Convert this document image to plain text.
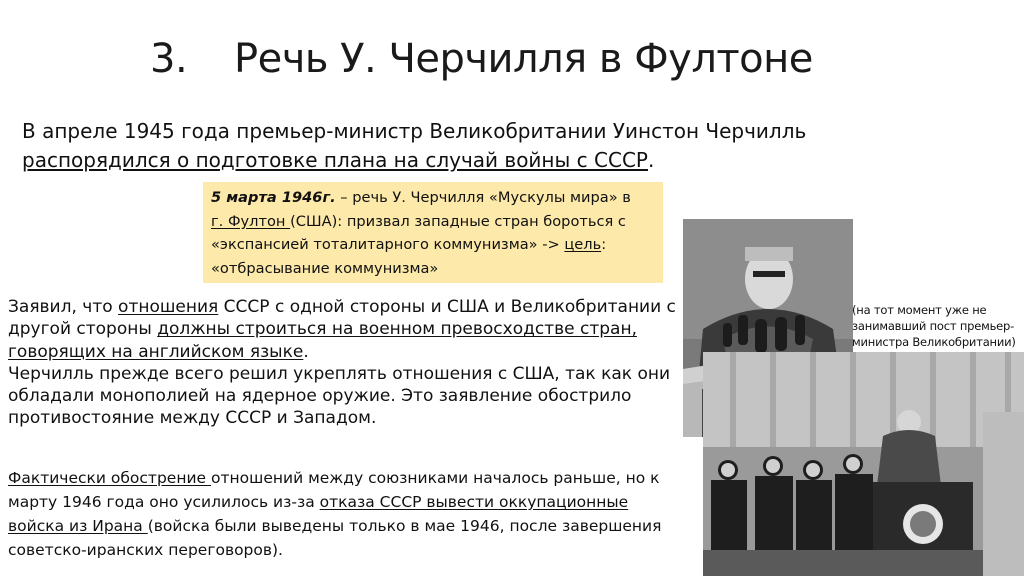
3. Речь У. Черчилля в Фултоне
В апреле 1945 года премьер-министр Великобритании Уинстон Черчилль
распорядился о подготовке плана на случай войны с СССР.
5 марта 1946г. – речь У. Черчилля «Мускулы мира» в
г. Фултон (США): призвал западные стран бороться с «экспансией тоталитарного коммунизма» -> цель: «отбрасывание коммунизма»
Заявил, что отношения СССР с одной стороны и США и Великобритании с другой стороны должны строиться на военном превосходстве стран, говорящих на английском языке.
Черчилль прежде всего решил укреплять отношения с США, так как они обладали монополией на ядерное оружие. Это заявление обострило противостояние между СССР и Западом.
Фактически обострение отношений между союзниками началось раньше, но к марту 1946 года оно усилилось из-за отказа СССР вывести оккупационные войска из Ирана (войска были выведены только в мае 1946, после завершения советско-иранских переговоров).
(на тот момент уже не занимавший пост премьер-министра Великобритании)
